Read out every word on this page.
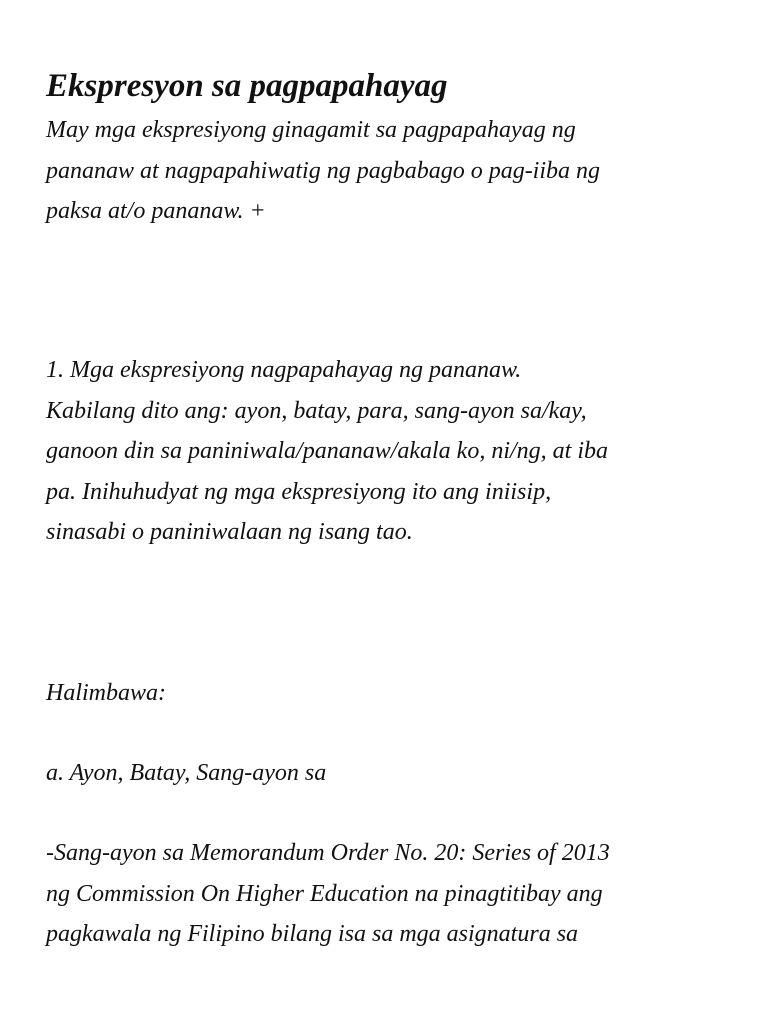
Ekspresyon sa pagpapahayag

May mga ekspresiyong ginagamit sa pagpapahayag ng
pananaw at nagpapahiwatig ng pagbabago o pag-iiba ng
paksa at/o pananaw. +

1. Mga ekspresiyong nagpapahayag ng pananaw.
Kabilang dito ang: ayon, batay, para, sang-ayon sa/kay,
ganoon din sa paniniwala/pananaw/akala ko, ni/ng, at iba
pa. Inihuhudyat ng mga ekspresiyong ito ang iniisip,
sinasabi o paniniwalaan ng isang tao.

Halimbawa:

a. Ayon, Batay, Sang-ayon sa

-Sang-ayon sa Memorandum Order No. 20: Series of 2013
ng Commission On Higher Education na pinagtitibay ang
pagkawala ng Filipino bilang isa sa mga asignatura sa
